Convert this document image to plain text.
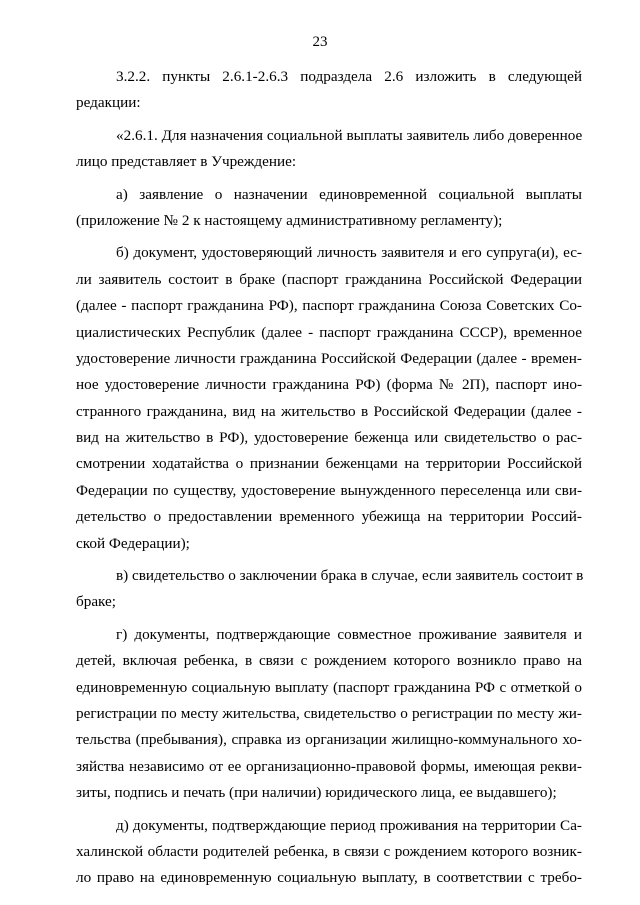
23
3.2.2. пункты 2.6.1-2.6.3 подраздела 2.6 изложить в следующей
редакции:
«2.6.1. Для назначения социальной выплаты заявитель либо доверенное
лицо представляет в Учреждение:
а) заявление о назначении единовременной социальной выплаты
(приложение № 2 к настоящему административному регламенту);
б) документ, удостоверяющий личность заявителя и его супруга(и), ес-
ли заявитель состоит в браке (паспорт гражданина Российской Федерации
(далее - паспорт гражданина РФ), паспорт гражданина Союза Советских Со-
циалистических Республик (далее - паспорт гражданина СССР), временное
удостоверение личности гражданина Российской Федерации (далее - времен-
ное удостоверение личности гражданина РФ) (форма № 2П), паспорт ино-
странного гражданина, вид на жительство в Российской Федерации (далее -
вид на жительство в РФ), удостоверение беженца или свидетельство о рас-
смотрении ходатайства о признании беженцами на территории Российской
Федерации по существу, удостоверение вынужденного переселенца или сви-
детельство о предоставлении временного убежища на территории Россий-
ской Федерации);
в) свидетельство о заключении брака в случае, если заявитель состоит в
браке;
г) документы, подтверждающие совместное проживание заявителя и
детей, включая ребенка, в связи с рождением которого возникло право на
единовременную социальную выплату (паспорт гражданина РФ с отметкой о
регистрации по месту жительства, свидетельство о регистрации по месту жи-
тельства (пребывания), справка из организации жилищно-коммунального хо-
зяйства независимо от ее организационно-правовой формы, имеющая рекви-
зиты, подпись и печать (при наличии) юридического лица, ее выдавшего);
д) документы, подтверждающие период проживания на территории Са-
халинской области родителей ребенка, в связи с рождением которого возник-
ло право на единовременную социальную выплату, в соответствии с требо-
